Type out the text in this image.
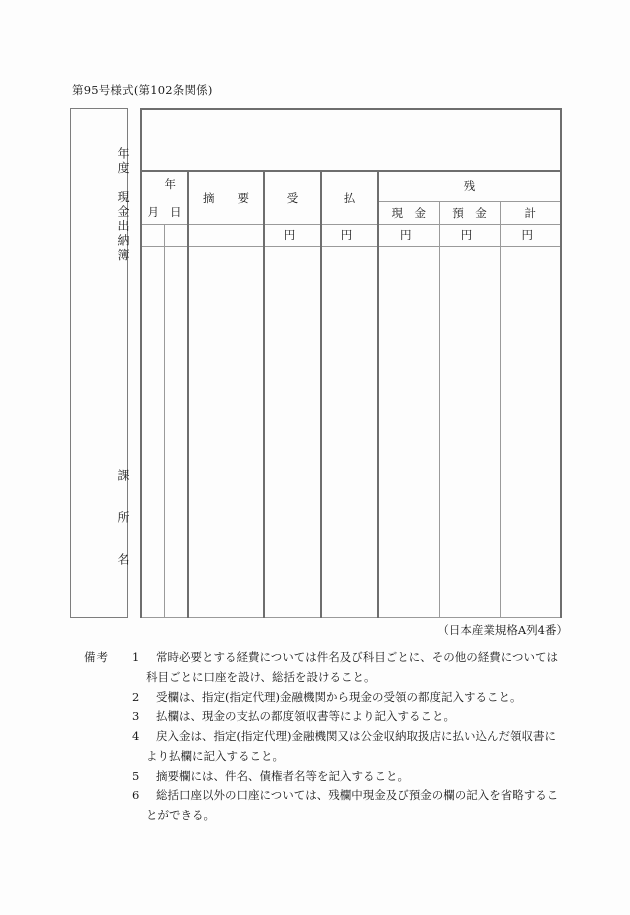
第95号様式(第102条関係)
年度　現金出納簿
課　所　名

年
月 日		摘　　要	受	払	残		
					現　金	預　金	計
			円	円	円	円	円

（日本産業規格A列4番）
備考 1 常時必要とする経費については件名及び科目ごとに、その他の経費については
科目ごとに口座を設け、総括を設けること。
2 受欄は、指定(指定代理)金融機関から現金の受領の都度記入すること。
3 払欄は、現金の支払の都度領収書等により記入すること。
4 戻入金は、指定(指定代理)金融機関又は公金収納取扱店に払い込んだ領収書に
より払欄に記入すること。
5 摘要欄には、件名、債権者名等を記入すること。
6 総括口座以外の口座については、残欄中現金及び預金の欄の記入を省略するこ
とができる。
